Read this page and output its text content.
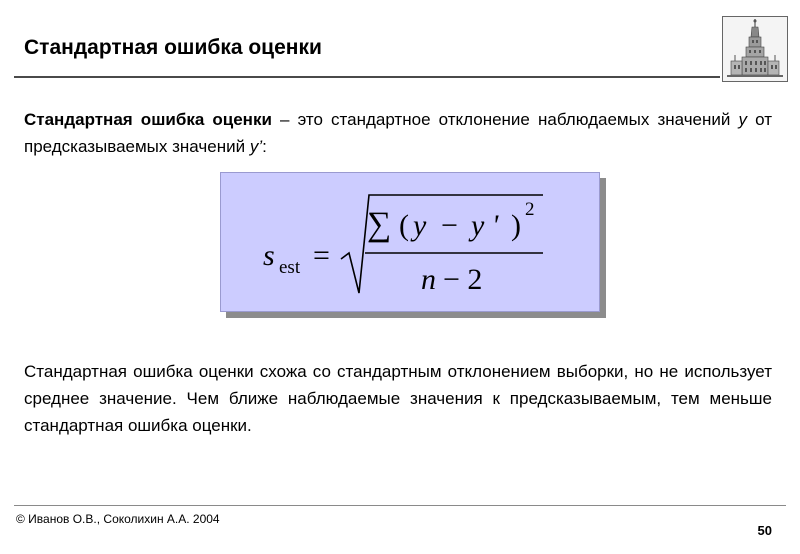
Стандартная ошибка оценки

Стандартная ошибка оценки – это стандартное отклонение наблюдаемых значений y от предсказываемых значений y’:

s est =
∑ ( y − y ' ) 2
n − 2

Стандартная ошибка оценки схожа со стандартным отклонением выборки, но не использует среднее значение. Чем ближе наблюдаемые значения к предсказываемым, тем меньше стандартная ошибка оценки.

© Иванов О.В., Соколихин А.А. 2004
50
